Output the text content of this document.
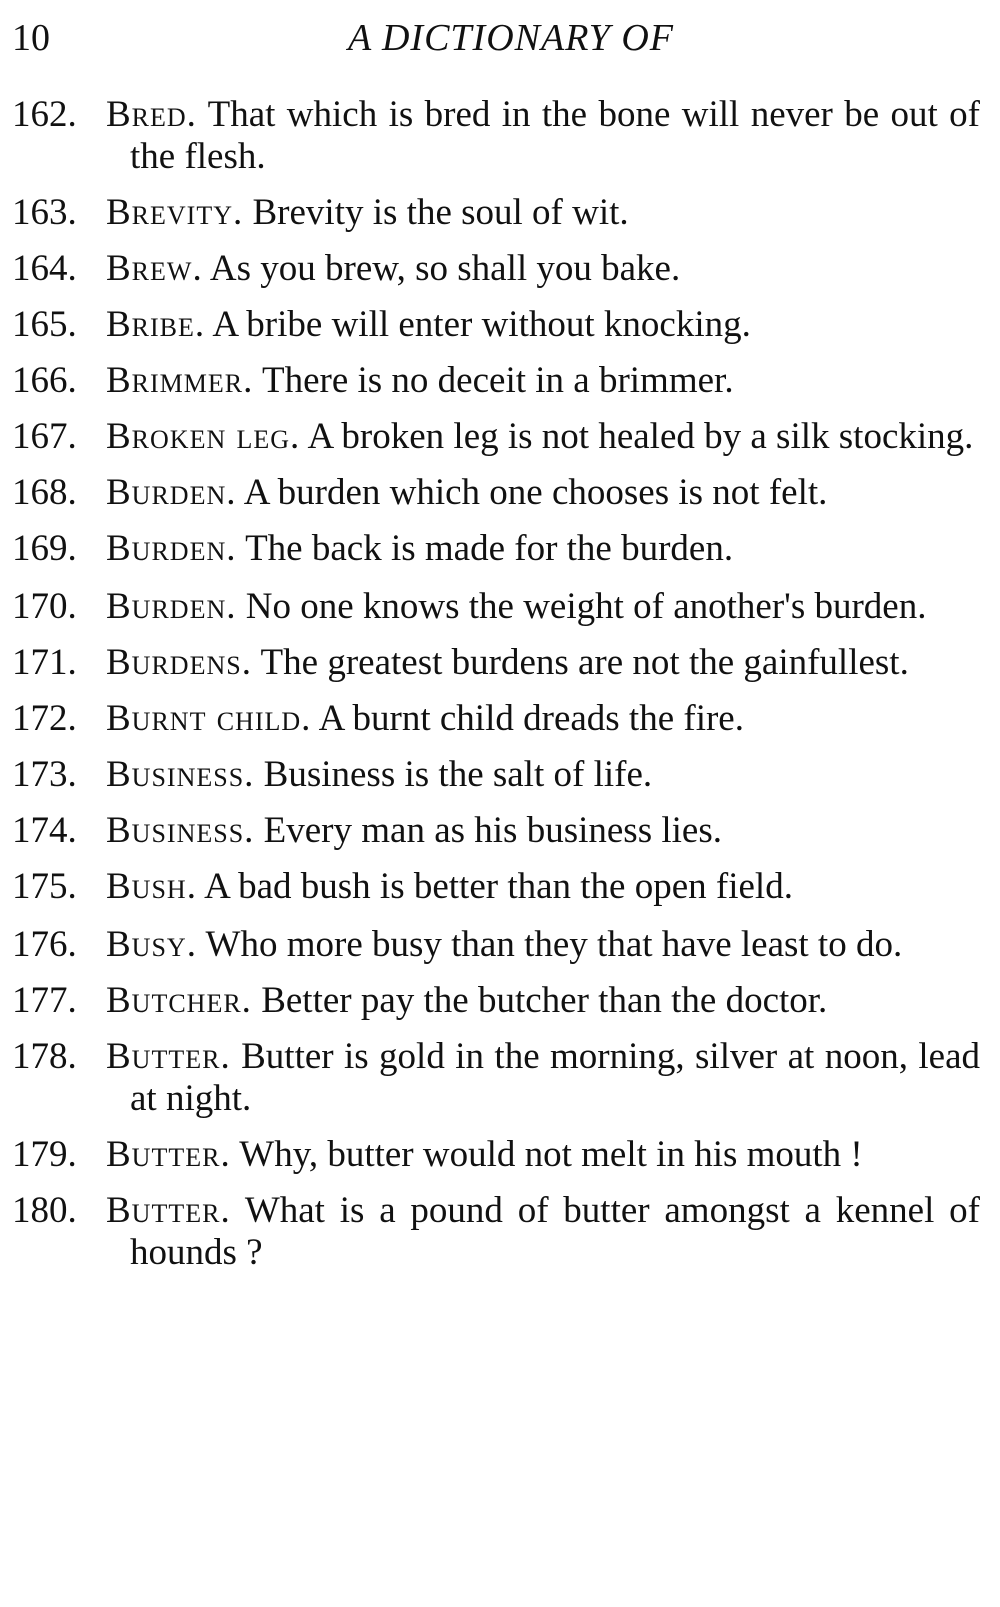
10	A DICTIONARY OF
162. Bred. That which is bred in the bone will never be out of the flesh.
163. Brevity. Brevity is the soul of wit.
164. Brew. As you brew, so shall you bake.
165. Bribe. A bribe will enter without knocking.
166. Brimmer. There is no deceit in a brimmer.
167. Broken leg. A broken leg is not healed by a silk stocking.
168. Burden. A burden which one chooses is not felt.
169. Burden. The back is made for the burden.
170. Burden. No one knows the weight of another's burden.
171. Burdens. The greatest burdens are not the gainfullest.
172. Burnt child. A burnt child dreads the fire.
173. Business. Business is the salt of life.
174. Business. Every man as his business lies.
175. Bush. A bad bush is better than the open field.
176. Busy. Who more busy than they that have least to do.
177. Butcher. Better pay the butcher than the doctor.
178. Butter. Butter is gold in the morning, silver at noon, lead at night.
179. Butter. Why, butter would not melt in his mouth !
180. Butter. What is a pound of butter amongst a kennel of hounds ?
